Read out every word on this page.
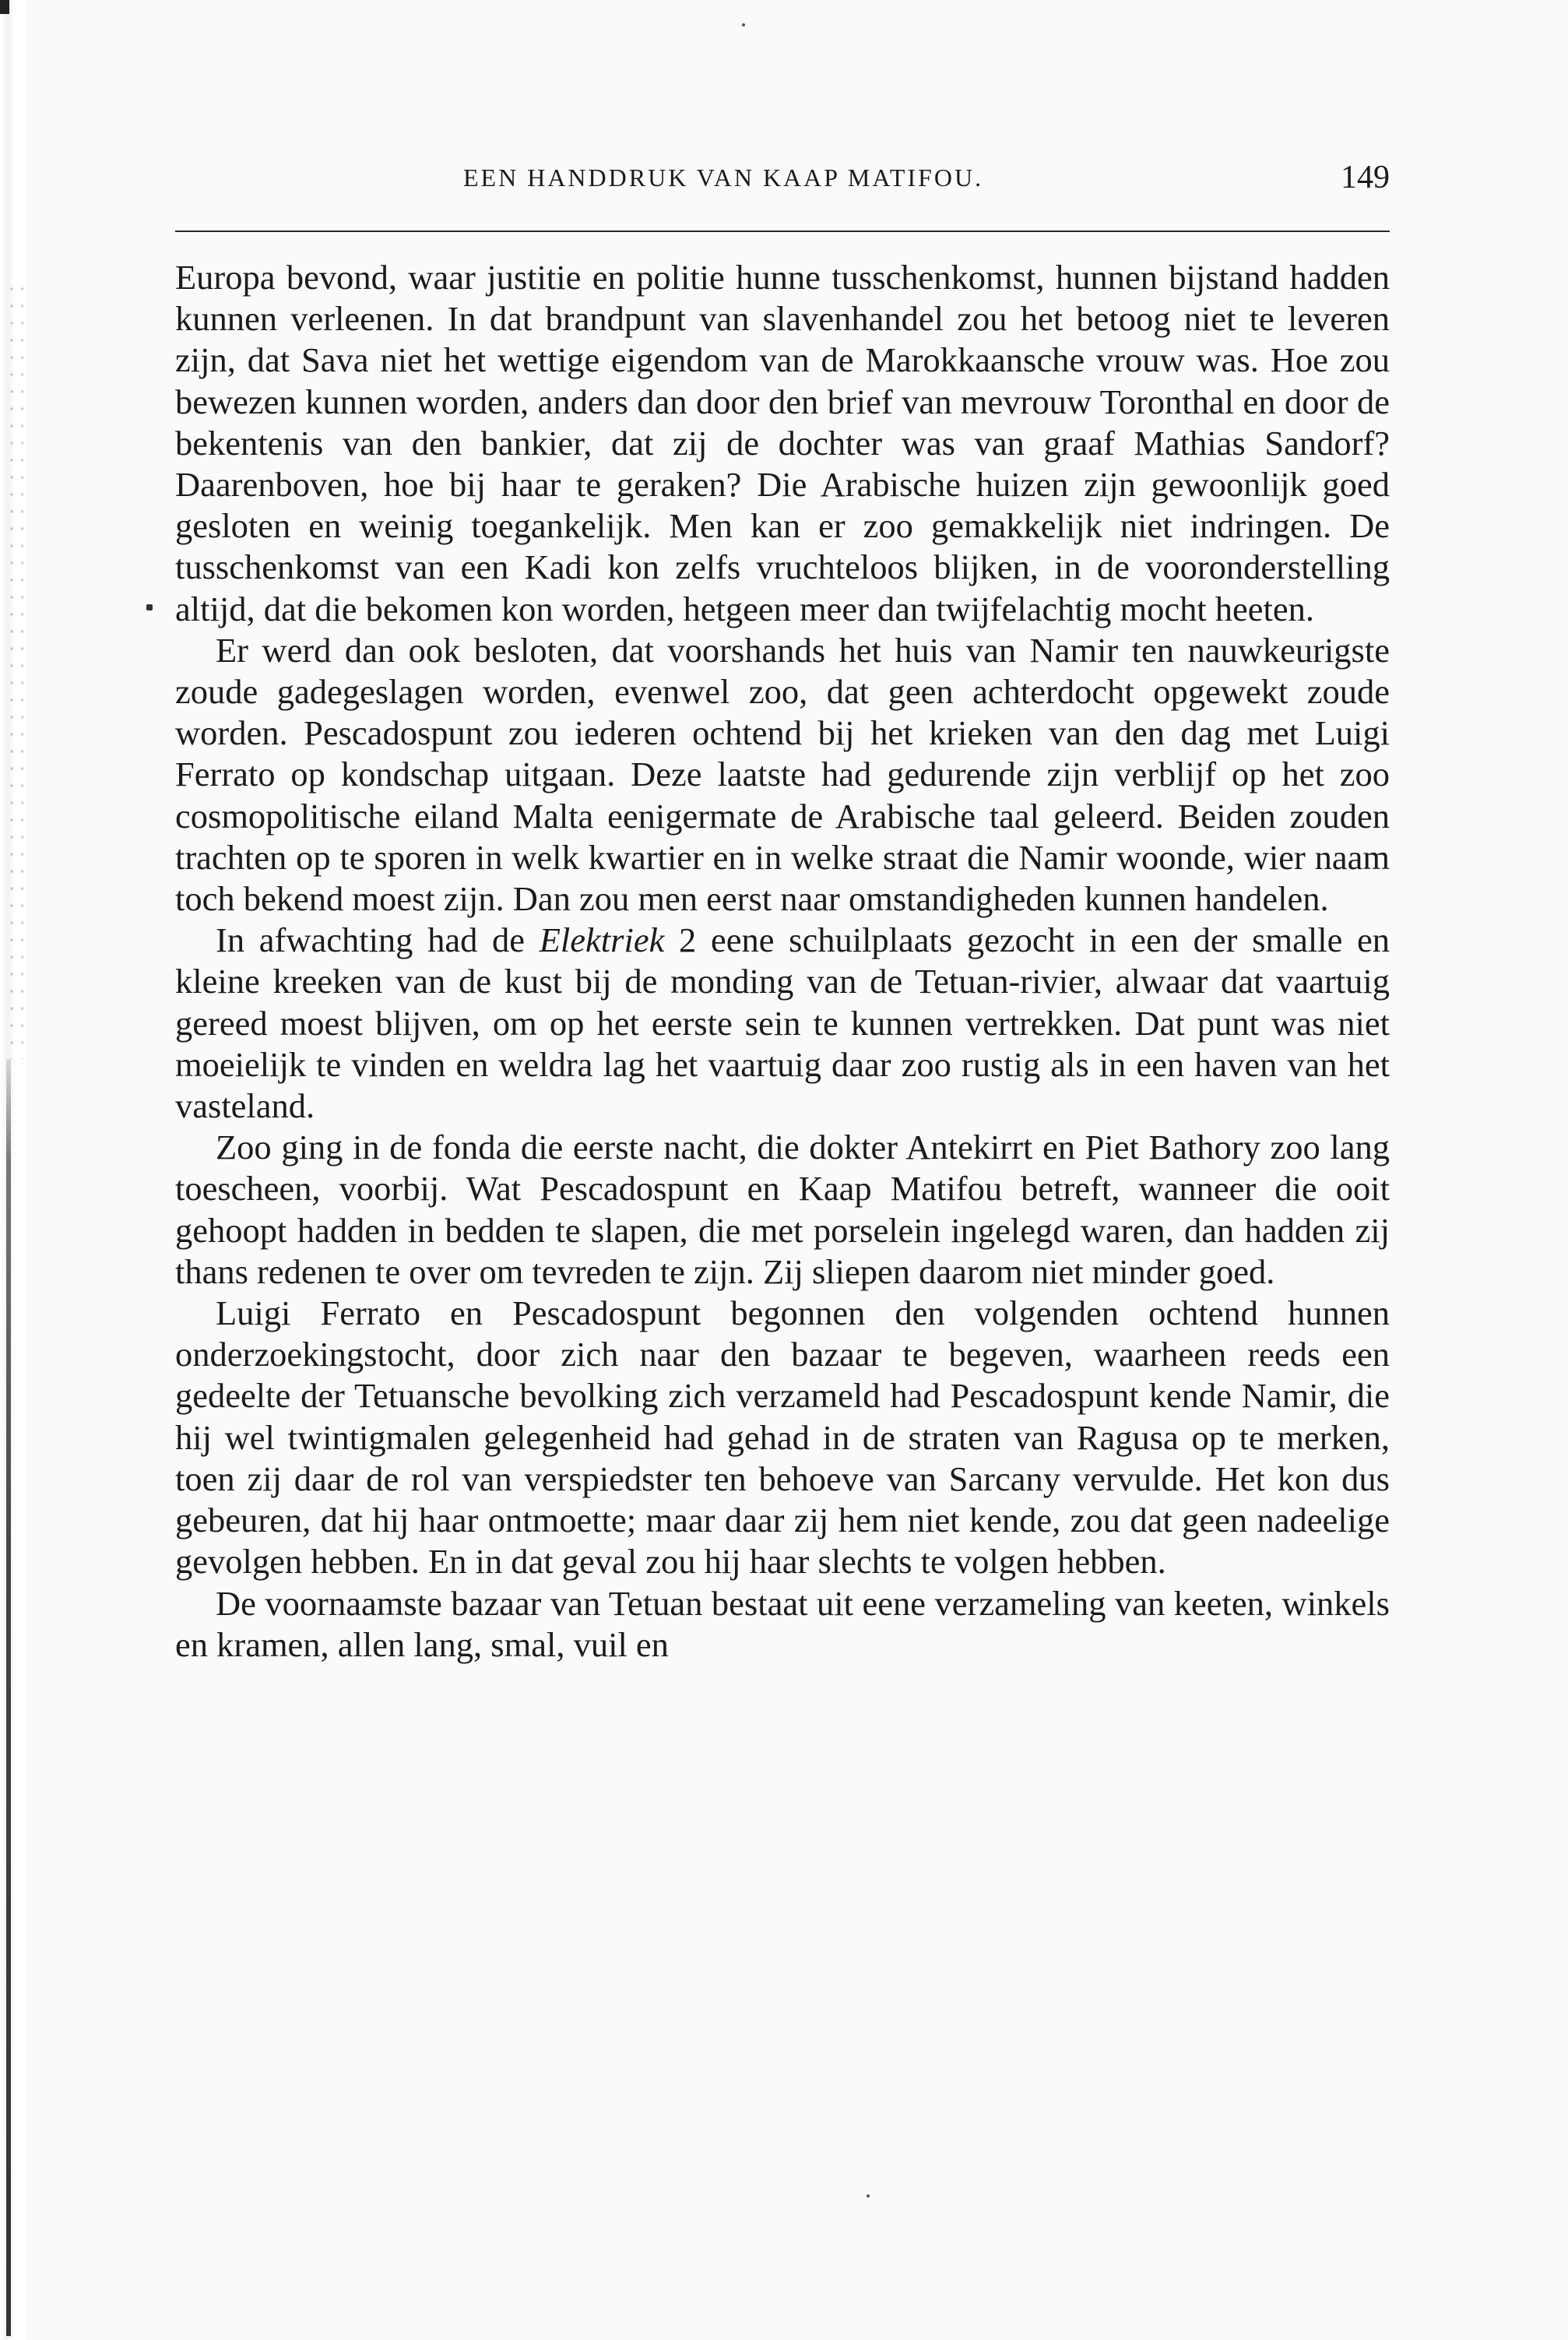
EEN HANDDRUK VAN KAAP MATIFOU.	149

Europa bevond, waar justitie en politie hunne tusschenkomst, hunnen bijstand hadden kunnen verleenen. In dat brandpunt van slavenhandel zou het betoog niet te leveren zijn, dat Sava niet het wettige eigendom van de Marokkaansche vrouw was. Hoe zou bewezen kunnen worden, anders dan door den brief van mevrouw Toronthal en door de bekentenis van den bankier, dat zij de dochter was van graaf Mathias Sandorf? Daarenboven, hoe bij haar te geraken? Die Arabische huizen zijn gewoonlijk goed gesloten en weinig toegankelijk. Men kan er zoo gemakkelijk niet indringen. De tusschenkomst van een Kadi kon zelfs vruchteloos blijken, in de vooronderstelling altijd, dat die bekomen kon worden, hetgeen meer dan twijfelachtig mocht heeten.

Er werd dan ook besloten, dat voorshands het huis van Namir ten nauwkeurigste zoude gadegeslagen worden, evenwel zoo, dat geen achterdocht opgewekt zoude worden. Pescadospunt zou iederen ochtend bij het krieken van den dag met Luigi Ferrato op kondschap uitgaan. Deze laatste had gedurende zijn verblijf op het zoo cosmopolitische eiland Malta eenigermate de Arabische taal geleerd. Beiden zouden trachten op te sporen in welk kwartier en in welke straat die Namir woonde, wier naam toch bekend moest zijn. Dan zou men eerst naar omstandigheden kunnen handelen.

In afwachting had de Elektriek 2 eene schuilplaats gezocht in een der smalle en kleine kreeken van de kust bij de monding van de Tetuan-rivier, alwaar dat vaartuig gereed moest blijven, om op het eerste sein te kunnen vertrekken. Dat punt was niet moeielijk te vinden en weldra lag het vaartuig daar zoo rustig als in een haven van het vasteland.

Zoo ging in de fonda die eerste nacht, die dokter Antekirrt en Piet Bathory zoo lang toescheen, voorbij. Wat Pescadospunt en Kaap Matifou betreft, wanneer die ooit gehoopt hadden in bedden te slapen, die met porselein ingelegd waren, dan hadden zij thans redenen te over om tevreden te zijn. Zij sliepen daarom niet minder goed.

Luigi Ferrato en Pescadospunt begonnen den volgenden ochtend hunnen onderzoekingstocht, door zich naar den bazaar te begeven, waarheen reeds een gedeelte der Tetuansche bevolking zich verzameld had Pescadospunt kende Namir, die hij wel twintigmalen gelegenheid had gehad in de straten van Ragusa op te merken, toen zij daar de rol van verspiedster ten behoeve van Sarcany vervulde. Het kon dus gebeuren, dat hij haar ontmoette; maar daar zij hem niet kende, zou dat geen nadeelige gevolgen hebben. En in dat geval zou hij haar slechts te volgen hebben.

De voornaamste bazaar van Tetuan bestaat uit eene verzameling van keeten, winkels en kramen, allen lang, smal, vuil en
